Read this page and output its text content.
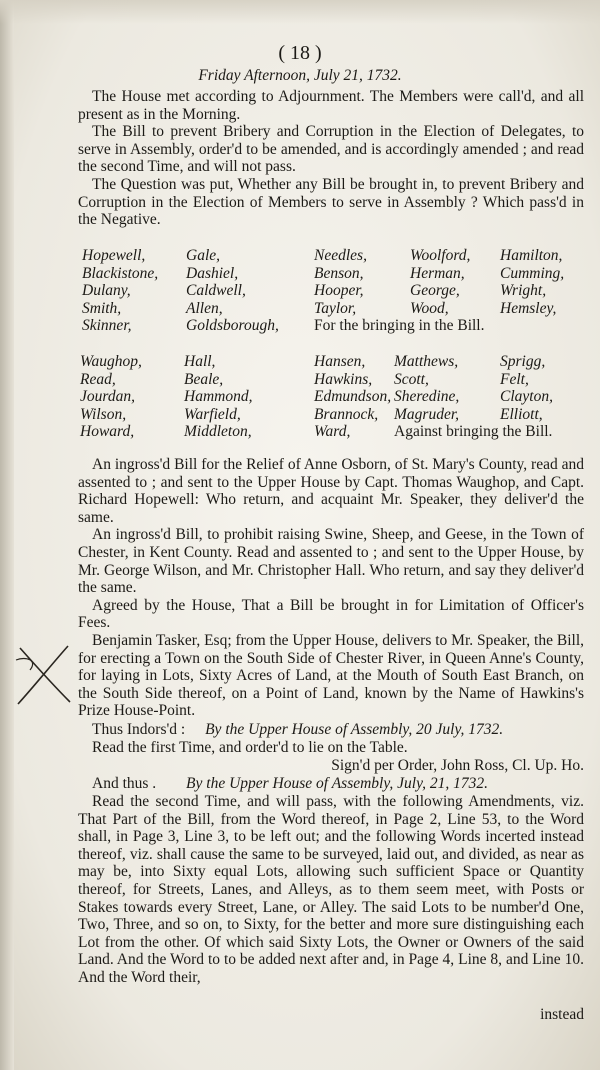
( 18 )
Friday Afternoon, July 21, 1732.

The House met according to Adjournment. The Members were call'd, and all present as in the Morning.

The Bill to prevent Bribery and Corruption in the Election of Delegates, to serve in Assembly, order'd to be amended, and is accordingly amended ; and read the second Time, and will not pass.

The Question was put, Whether any Bill be brought in, to prevent Bribery and Corruption in the Election of Members to serve in Assembly ? Which pass'd in the Negative.

Hopewell,	Gale,	Needles,	Woolford,	Hamilton,
Blackistone,	Dashiel,	Benson,	Herman,	Cumming,
Dulany,	Caldwell,	Hooper,	George,	Wright,
Smith,	Allen,	Taylor,	Wood,	Hemsley,
Skinner,	Goldsborough,	For the bringing in the Bill.		
Waughop,	Hall,	Hansen,	Matthews,	Sprigg,
Read,	Beale,	Hawkins,	Scott,	Felt,
Jourdan,	Hammond,	Edmundson,	Sheredine,	Clayton,
Wilson,	Warfield,	Brannock,	Magruder,	Elliott,
Howard,	Middleton,	Ward,	Against bringing the Bill.	

An ingross'd Bill for the Relief of Anne Osborn, of St. Mary's County, read and assented to ; and sent to the Upper House by Capt. Thomas Waughop, and Capt. Richard Hopewell: Who return, and acquaint Mr. Speaker, they deliver'd the same.

An ingross'd Bill, to prohibit raising Swine, Sheep, and Geese, in the Town of Chester, in Kent County. Read and assented to ; and sent to the Upper House, by Mr. George Wilson, and Mr. Christopher Hall. Who return, and say they deliver'd the same.

Agreed by the House, That a Bill be brought in for Limitation of Officer's Fees.

Benjamin Tasker, Esq; from the Upper House, delivers to Mr. Speaker, the Bill, for erecting a Town on the South Side of Chester River, in Queen Anne's County, for laying in Lots, Sixty Acres of Land, at the Mouth of South East Branch, on the South Side thereof, on a Point of Land, known by the Name of Hawkins's Prize House-Point.

Thus Indors'd : By the Upper House of Assembly, 20 July, 1732.
Read the first Time, and order'd to lie on the Table.
Sign'd per Order, John Ross, Cl. Up. Ho.
And thus . By the Upper House of Assembly, July, 21, 1732.

Read the second Time, and will pass, with the following Amendments, viz. That Part of the Bill, from the Word thereof, in Page 2, Line 53, to the Word shall, in Page 3, Line 3, to be left out; and the following Words incerted instead thereof, viz. shall cause the same to be surveyed, laid out, and divided, as near as may be, into Sixty equal Lots, allowing such sufficient Space or Quantity thereof, for Streets, Lanes, and Alleys, as to them seem meet, with Posts or Stakes towards every Street, Lane, or Alley. The said Lots to be number'd One, Two, Three, and so on, to Sixty, for the better and more sure distinguishing each Lot from the other. Of which said Sixty Lots, the Owner or Owners of the said Land. And the Word to to be added next after and, in Page 4, Line 8, and Line 10. And the Word their,

instead
